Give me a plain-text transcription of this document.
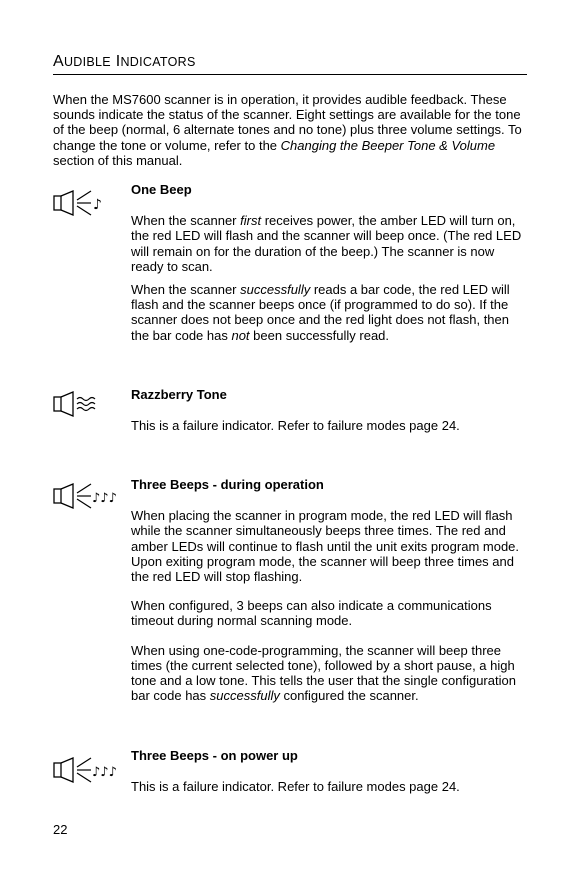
AUDIBLE INDICATORS
When the MS7600 scanner is in operation, it provides audible feedback. These sounds indicate the status of the scanner. Eight settings are available for the tone of the beep (normal, 6 alternate tones and no tone) plus three volume settings. To change the tone or volume, refer to the Changing the Beeper Tone & Volume section of this manual.
♪
One Beep

When the scanner first receives power, the amber LED will turn on, the red LED will flash and the scanner will beep once. (The red LED will remain on for the duration of the beep.) The scanner is now ready to scan.

When the scanner successfully reads a bar code, the red LED will flash and the scanner beeps once (if programmed to do so). If the scanner does not beep once and the red light does not flash, then the bar code has not been successfully read.

Razzberry Tone

This is a failure indicator. Refer to failure modes page 24.

♪♪♪
Three Beeps - during operation

When placing the scanner in program mode, the red LED will flash while the scanner simultaneously beeps three times. The red and amber LEDs will continue to flash until the unit exits program mode. Upon exiting program mode, the scanner will beep three times and the red LED will stop flashing.

When configured, 3 beeps can also indicate a communications timeout during normal scanning mode.

When using one-code-programming, the scanner will beep three times (the current selected tone), followed by a short pause, a high tone and a low tone. This tells the user that the single configuration bar code has successfully configured the scanner.

♪♪♪
Three Beeps - on power up

This is a failure indicator. Refer to failure modes page 24.

22
